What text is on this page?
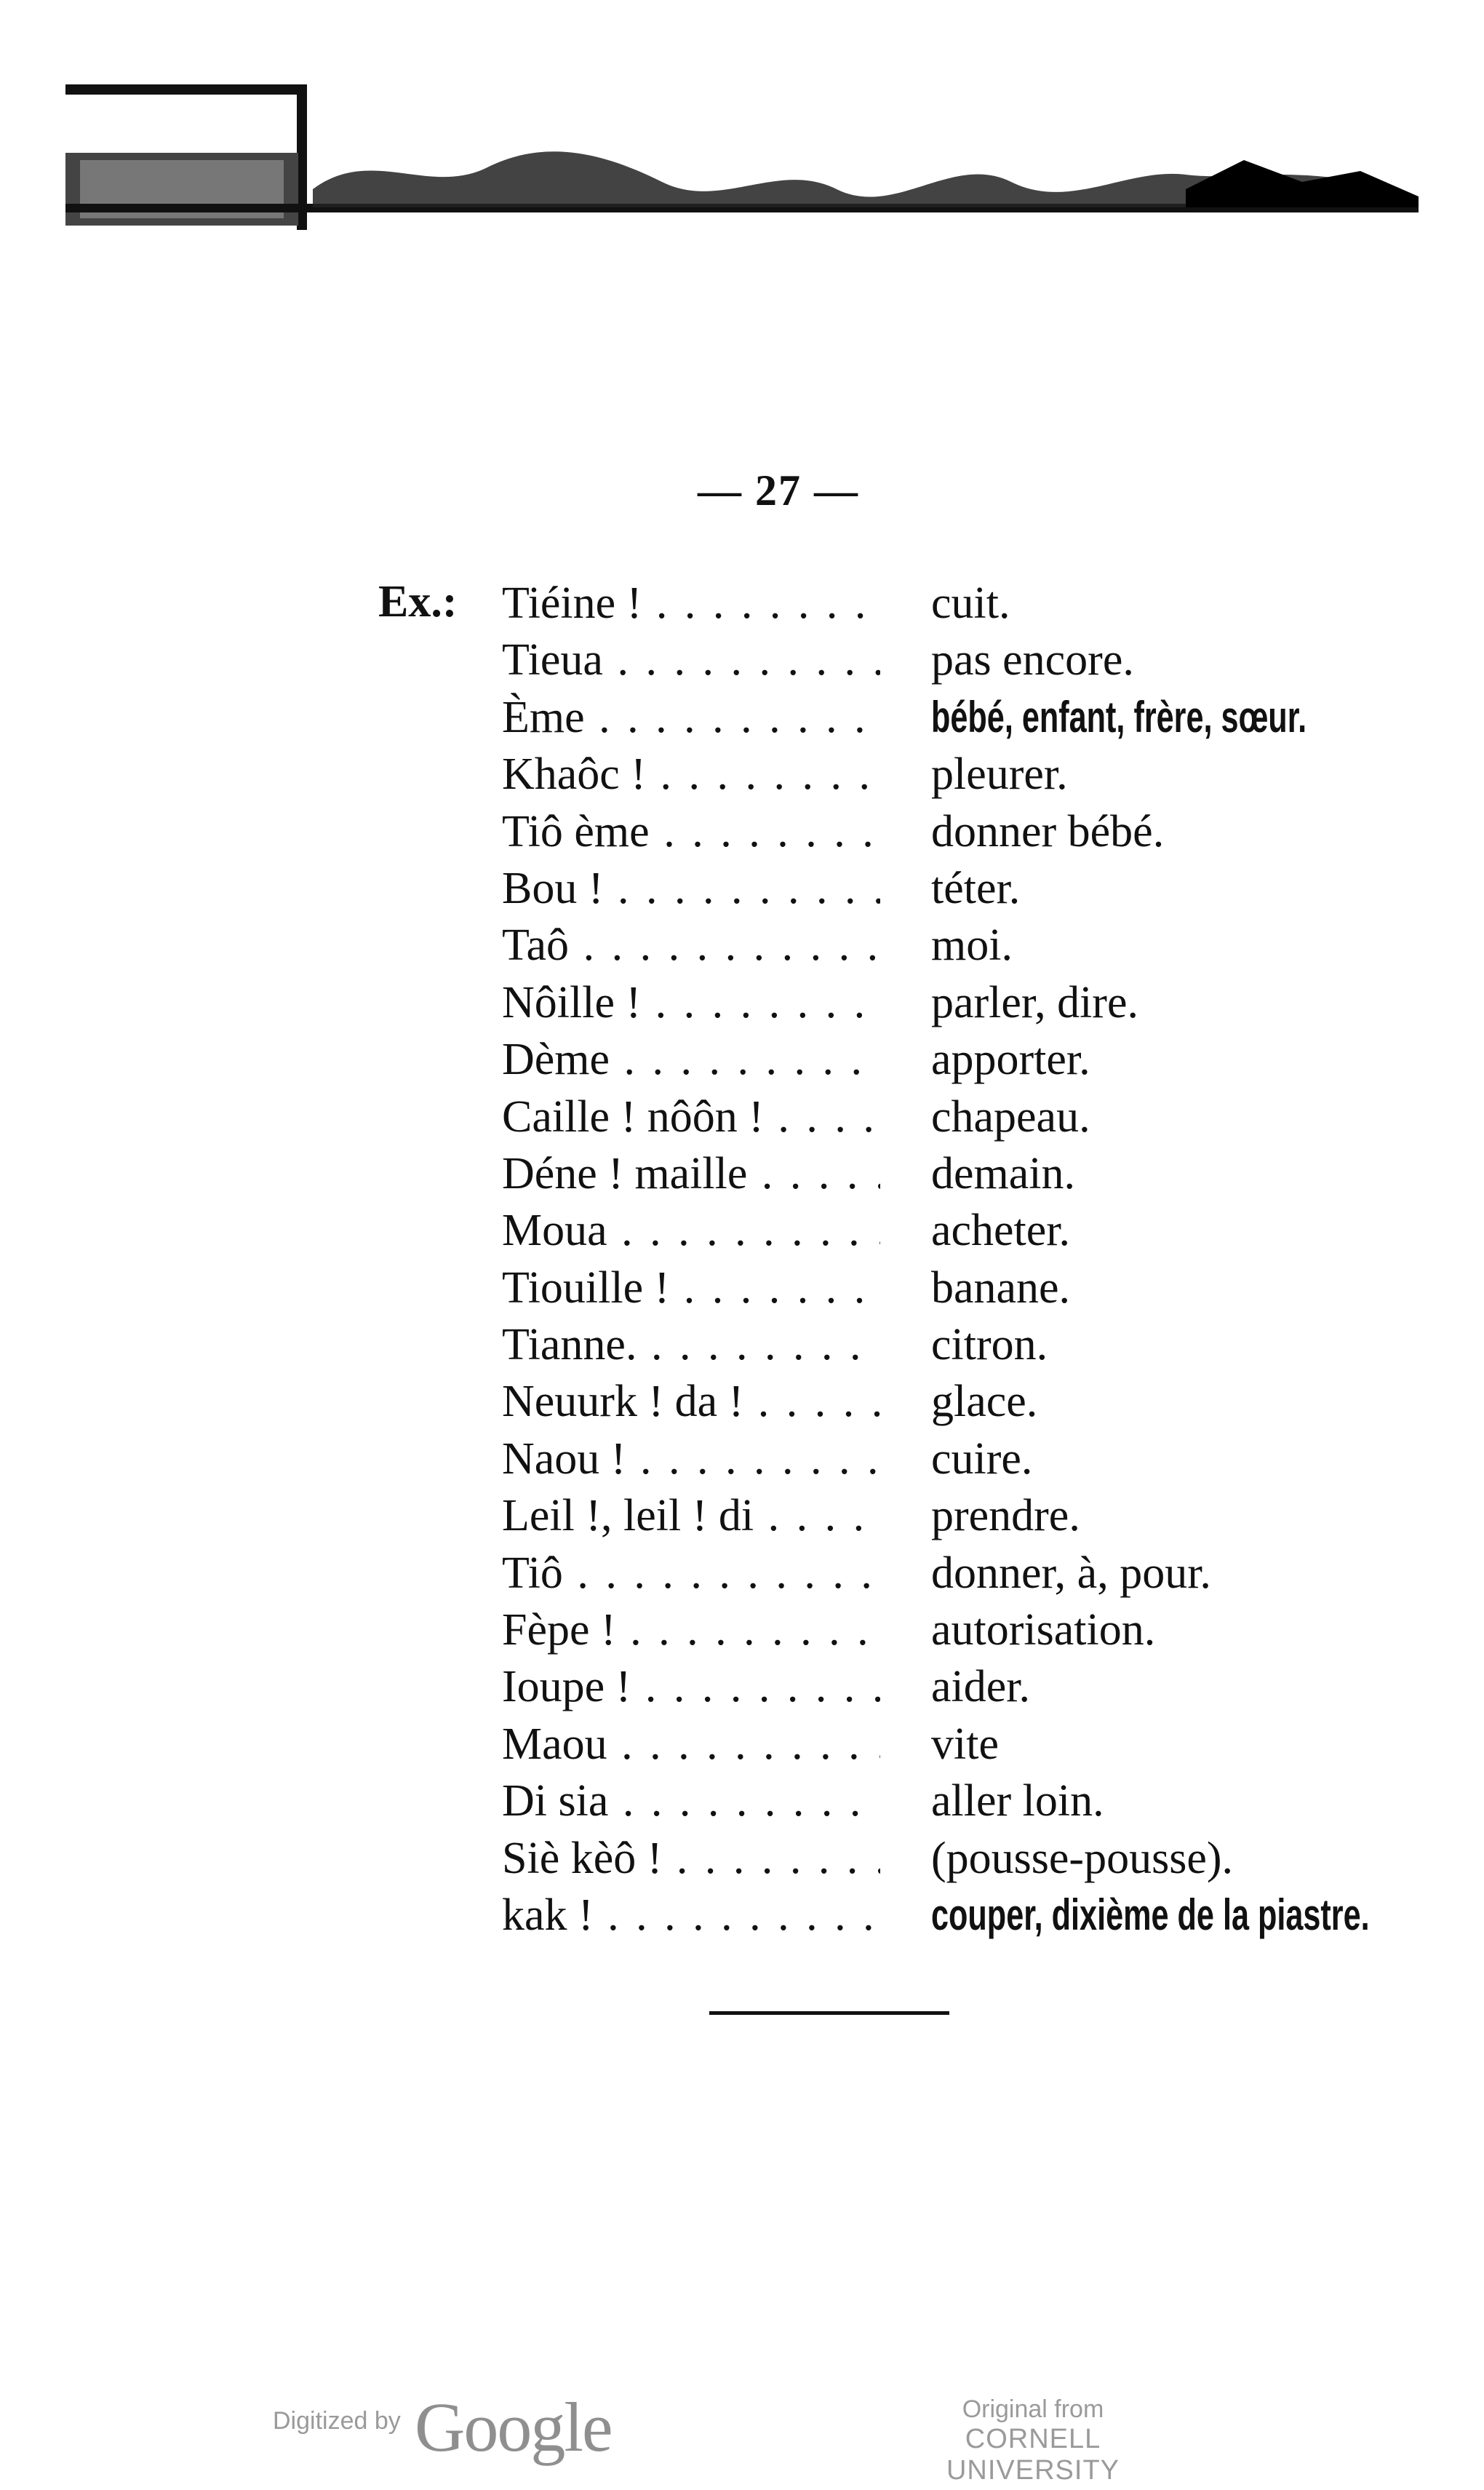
— 27 —
Ex.: Tiéine ! . . .	cuit.
Tieua . . .	pas encore.
Ème . . .	bébé, enfant, frère, sœur.
Khaôc ! . . .	pleurer.
Tiô ème . . .	donner bébé.
Bou ! . . .	téter.
Taô . . .	moi.
Nôille ! . . .	parler, dire.
Dème . . .	apporter.
Caille ! nôôn ! . . .	chapeau.
Déne ! maille . . .	demain.
Moua . . .	acheter.
Tiouille ! . . .	banane.
Tianne. . . .	citron.
Neuurk ! da ! . . .	glace.
Naou ! . . .	cuire.
Leil !, leil ! di . . .	prendre.
Tiô . . .	donner, à, pour.
Fèpe ! . . .	autorisation.
Ioupe ! . . .	aider.
Maou . . .	vite
Di sia . . .	aller loin.
Siè kèô ! . . .	(pousse-pousse).
kak ! . . .	couper, dixième de la piastre.
Digitized by Google	Original from
CORNELL UNIVERSITY
